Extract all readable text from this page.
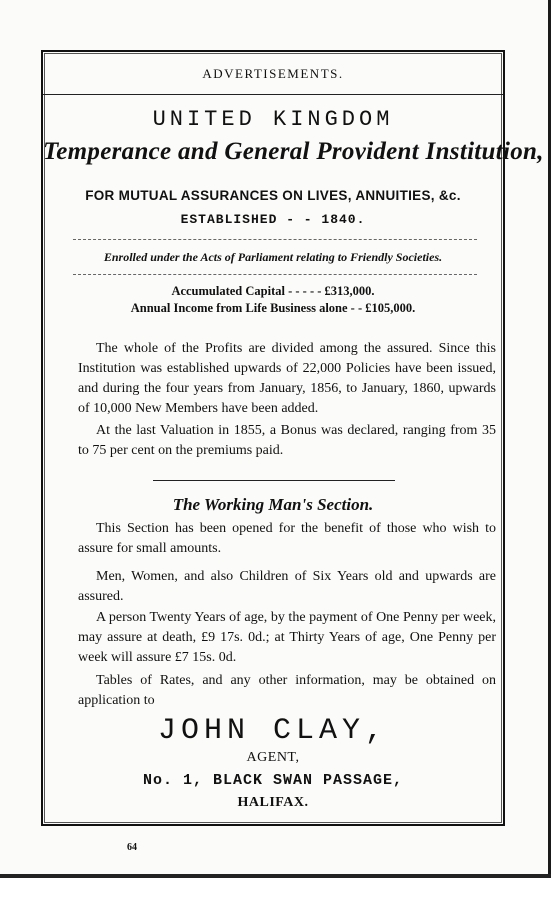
ADVERTISEMENTS.
UNITED KINGDOM
Temperance and General Provident Institution,
FOR MUTUAL ASSURANCES ON LIVES, ANNUITIES, &c.
ESTABLISHED - - 1840.
Enrolled under the Acts of Parliament relating to Friendly Societies.
Accumulated Capital - - - - - £313,000.
Annual Income from Life Business alone - - £105,000.

The whole of the Profits are divided among the assured. Since this Institution was established upwards of 22,000 Policies have been issued, and during the four years from January, 1856, to January, 1860, upwards of 10,000 New Members have been added.

At the last Valuation in 1855, a Bonus was declared, ranging from 35 to 75 per cent on the premiums paid.

The Working Man's Section.

This Section has been opened for the benefit of those who wish to assure for small amounts.

Men, Women, and also Children of Six Years old and upwards are assured.

A person Twenty Years of age, by the payment of One Penny per week, may assure at death, £9 17s. 0d.; at Thirty Years of age, One Penny per week will assure £7 15s. 0d.

Tables of Rates, and any other information, may be obtained on application to

JOHN CLAY,
AGENT,
No. 1, BLACK SWAN PASSAGE,
HALIFAX.
64
